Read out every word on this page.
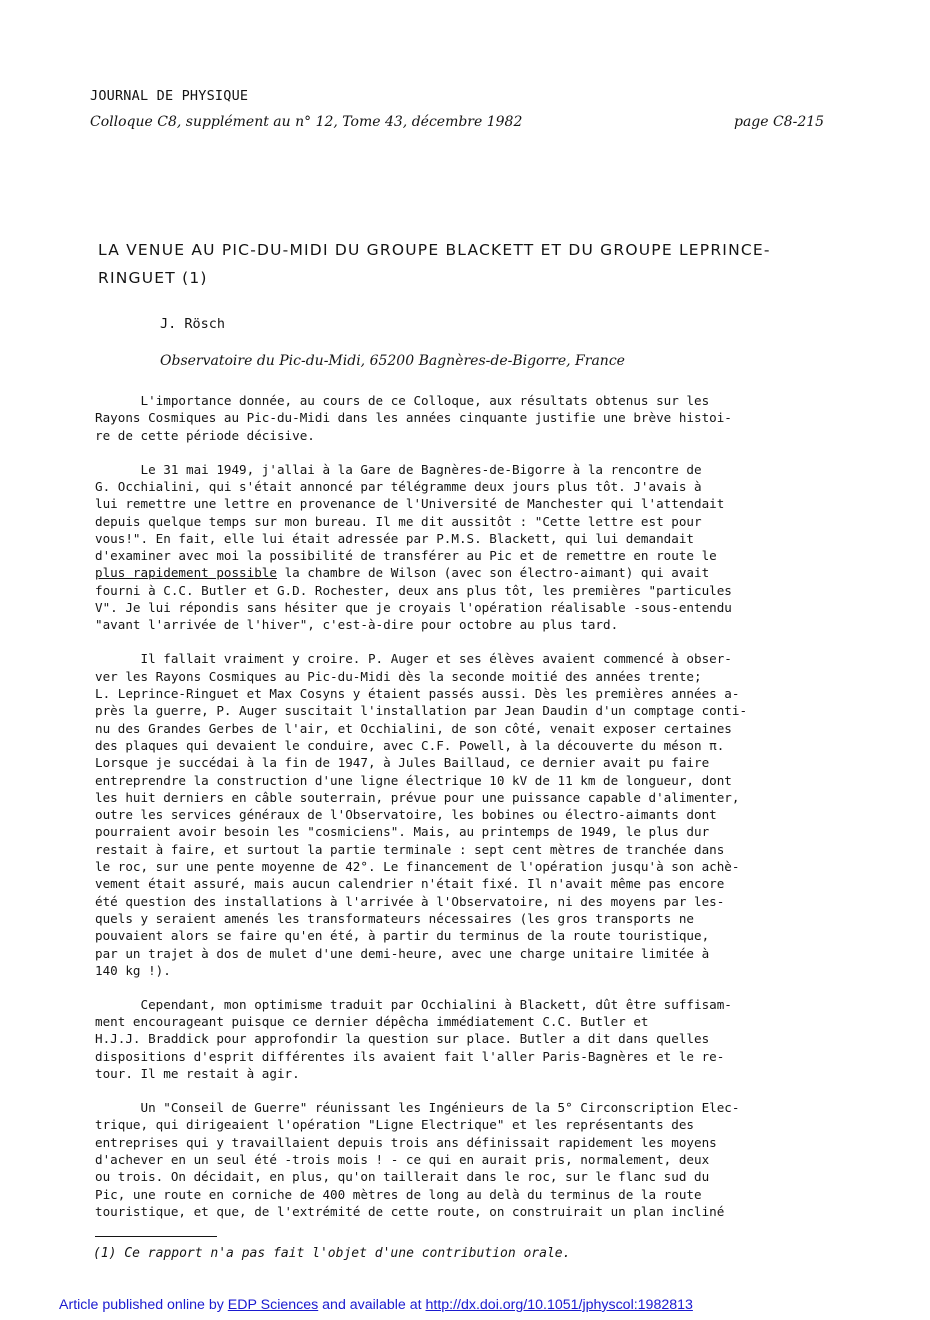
JOURNAL DE PHYSIQUE
Colloque C8, supplément au n° 12, Tome 43, décembre 1982	page C8-215
LA VENUE AU PIC-DU-MIDI DU GROUPE BLACKETT ET DU GROUPE LEPRINCE-RINGUET (1)
J. Rösch
Observatoire du Pic-du-Midi, 65200 Bagnères-de-Bigorre, France
L'importance donnée, au cours de ce Colloque, aux résultats obtenus sur les
Rayons Cosmiques au Pic-du-Midi dans les années cinquante justifie une brève histoi-
re de cette période décisive.
Le 31 mai 1949, j'allai à la Gare de Bagnères-de-Bigorre à la rencontre de
G. Occhialini, qui s'était annoncé par télégramme deux jours plus tôt. J'avais à
lui remettre une lettre en provenance de l'Université de Manchester qui l'attendait
depuis quelque temps sur mon bureau. Il me dit aussitôt : "Cette lettre est pour
vous!". En fait, elle lui était adressée par P.M.S. Blackett, qui lui demandait
d'examiner avec moi la possibilité de transférer au Pic et de remettre en route le
plus rapidement possible la chambre de Wilson (avec son électro-aimant) qui avait
fourni à C.C. Butler et G.D. Rochester, deux ans plus tôt, les premières "particules
V". Je lui répondis sans hésiter que je croyais l'opération réalisable -sous-entendu
"avant l'arrivée de l'hiver", c'est-à-dire pour octobre au plus tard.
Il fallait vraiment y croire. P. Auger et ses élèves avaient commencé à obser-
ver les Rayons Cosmiques au Pic-du-Midi dès la seconde moitié des années trente;
L. Leprince-Ringuet et Max Cosyns y étaient passés aussi. Dès les premières années a-
près la guerre, P. Auger suscitait l'installation par Jean Daudin d'un comptage conti-
nu des Grandes Gerbes de l'air, et Occhialini, de son côté, venait exposer certaines
des plaques qui devaient le conduire, avec C.F. Powell, à la découverte du méson π.
Lorsque je succédai à la fin de 1947, à Jules Baillaud, ce dernier avait pu faire
entreprendre la construction d'une ligne électrique 10 kV de 11 km de longueur, dont
les huit derniers en câble souterrain, prévue pour une puissance capable d'alimenter,
outre les services généraux de l'Observatoire, les bobines ou électro-aimants dont
pourraient avoir besoin les "cosmiciens". Mais, au printemps de 1949, le plus dur
restait à faire, et surtout la partie terminale : sept cent mètres de tranchée dans
le roc, sur une pente moyenne de 42°. Le financement de l'opération jusqu'à son achè-
vement était assuré, mais aucun calendrier n'était fixé. Il n'avait même pas encore
été question des installations à l'arrivée à l'Observatoire, ni des moyens par les-
quels y seraient amenés les transformateurs nécessaires (les gros transports ne
pouvaient alors se faire qu'en été, à partir du terminus de la route touristique,
par un trajet à dos de mulet d'une demi-heure, avec une charge unitaire limitée à
140 kg !).
Cependant, mon optimisme traduit par Occhialini à Blackett, dût être suffisam-
ment encourageant puisque ce dernier dépêcha immédiatement C.C. Butler et
H.J.J. Braddick pour approfondir la question sur place. Butler a dit dans quelles
dispositions d'esprit différentes ils avaient fait l'aller Paris-Bagnères et le re-
tour. Il me restait à agir.
Un "Conseil de Guerre" réunissant les Ingénieurs de la 5° Circonscription Elec-
trique, qui dirigeaient l'opération "Ligne Electrique" et les représentants des
entreprises qui y travaillaient depuis trois ans définissait rapidement les moyens
d'achever en un seul été -trois mois ! - ce qui en aurait pris, normalement, deux
ou trois. On décidait, en plus, qu'on taillerait dans le roc, sur le flanc sud du
Pic, une route en corniche de 400 mètres de long au delà du terminus de la route
touristique, et que, de l'extrémité de cette route, on construirait un plan incliné
(1) Ce rapport n'a pas fait l'objet d'une contribution orale.
Article published online by EDP Sciences and available at http://dx.doi.org/10.1051/jphyscol:1982813
